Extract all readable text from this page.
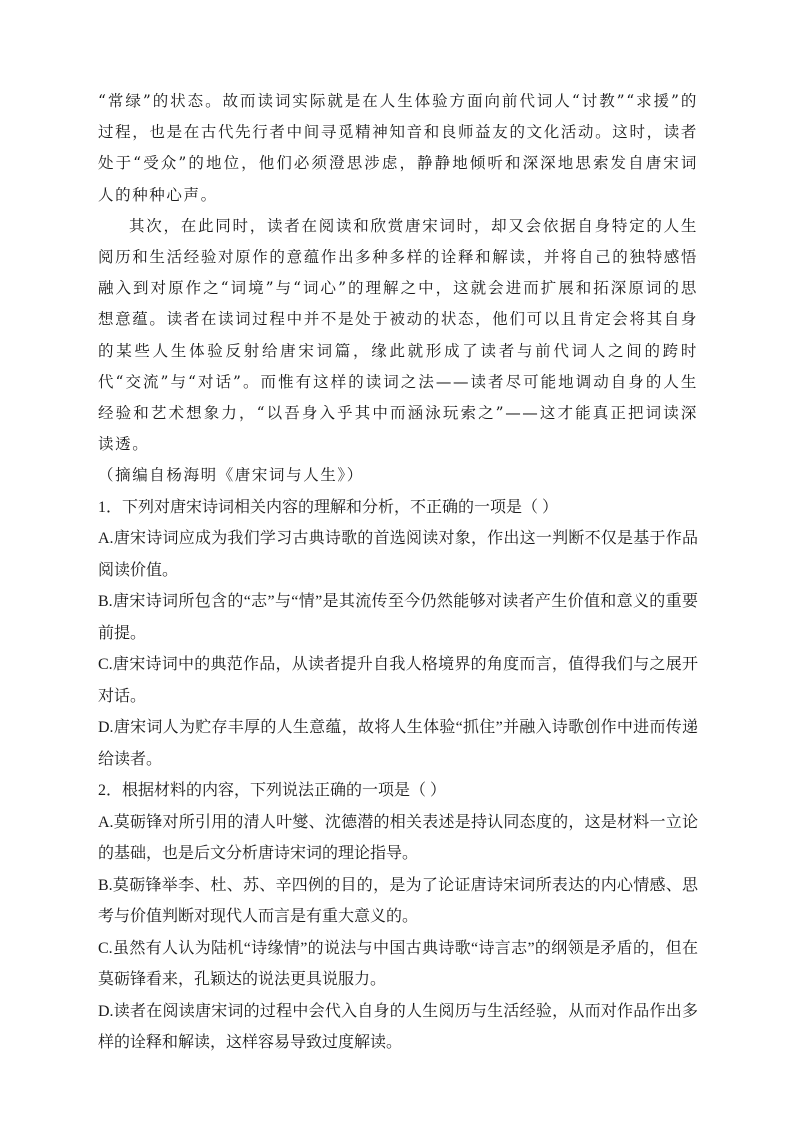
“常绿”的状态。故而读词实际就是在人生体验方面向前代词人“讨教”“求援”的过程，也是在古代先行者中间寻觅精神知音和良师益友的文化活动。这时，读者处于“受众”的地位，他们必须澄思涉虑，静静地倾听和深深地思索发自唐宋词人的种种心声。

其次，在此同时，读者在阅读和欣赏唐宋词时，却又会依据自身特定的人生阅历和生活经验对原作的意蕴作出多种多样的诠释和解读，并将自己的独特感悟融入到对原作之“词境”与“词心”的理解之中，这就会进而扩展和拓深原词的思想意蕴。读者在读词过程中并不是处于被动的状态，他们可以且肯定会将其自身的某些人生体验反射给唐宋词篇，缘此就形成了读者与前代词人之间的跨时代“交流”与“对话”。而惟有这样的读词之法——读者尽可能地调动自身的人生经验和艺术想象力，“以吾身入乎其中而涵泳玩索之”——这才能真正把词读深读透。

（摘编自杨海明《唐宋词与人生》）

1．下列对唐宋诗词相关内容的理解和分析，不正确的一项是（ ）

A.唐宋诗词应成为我们学习古典诗歌的首选阅读对象，作出这一判断不仅是基于作品阅读价值。

B.唐宋诗词所包含的“志”与“情”是其流传至今仍然能够对读者产生价值和意义的重要前提。

C.唐宋诗词中的典范作品，从读者提升自我人格境界的角度而言，值得我们与之展开对话。

D.唐宋词人为贮存丰厚的人生意蕴，故将人生体验“抓住”并融入诗歌创作中进而传递给读者。

2．根据材料的内容，下列说法正确的一项是（ ）

A.莫砺锋对所引用的清人叶燮、沈德潜的相关表述是持认同态度的，这是材料一立论的基础，也是后文分析唐诗宋词的理论指导。

B.莫砺锋举李、杜、苏、辛四例的目的，是为了论证唐诗宋词所表达的内心情感、思考与价值判断对现代人而言是有重大意义的。

C.虽然有人认为陆机“诗缘情”的说法与中国古典诗歌“诗言志”的纲领是矛盾的，但在莫砺锋看来，孔颖达的说法更具说服力。

D.读者在阅读唐宋词的过程中会代入自身的人生阅历与生活经验，从而对作品作出多样的诠释和解读，这样容易导致过度解读。
